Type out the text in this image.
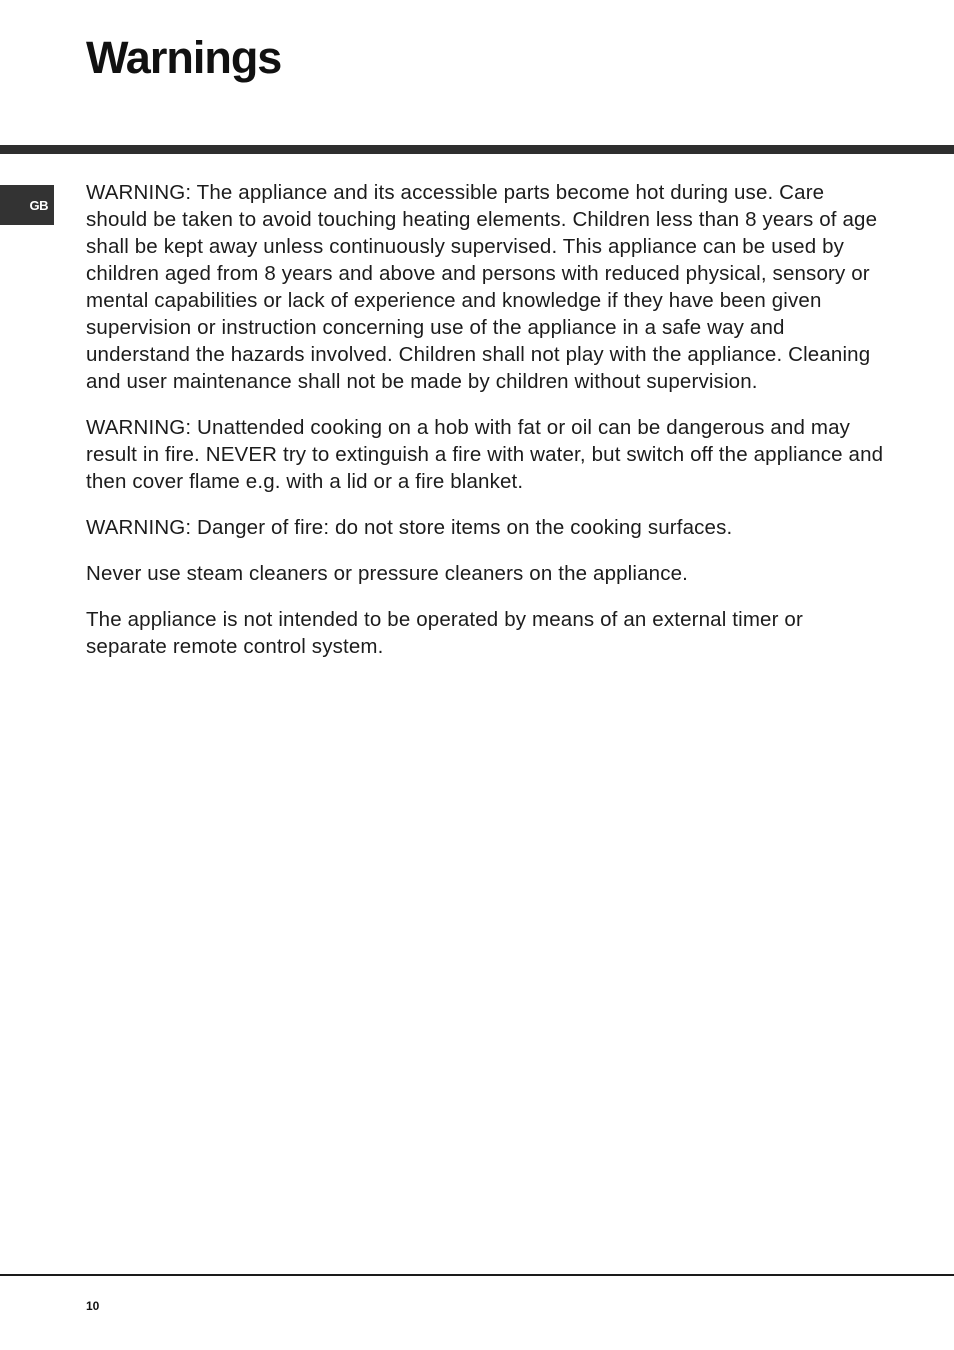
Warnings
GB

WARNING: The appliance and its accessible parts become hot during use. Care should be taken to avoid touching heating elements. Children less than 8 years of age shall be kept away unless continuously supervised. This appliance can be used by children aged from 8 years and above and persons with reduced physical, sensory or mental capabilities or lack of experience and knowledge if they have been given supervision or instruction concerning use of the appliance in a safe way and understand the hazards involved. Children shall not play with the appliance. Cleaning and user maintenance shall not be made by children without supervision.

WARNING: Unattended cooking on a hob with fat or oil can be dangerous and may result in fire. NEVER try to extinguish a fire with water, but switch off the appliance and then cover flame e.g. with a lid or a fire blanket.

WARNING: Danger of fire: do not store items on the cooking surfaces.

Never use steam cleaners or pressure cleaners on the appliance.

The appliance is not intended to be operated by means of an external timer or separate remote control system.

10
